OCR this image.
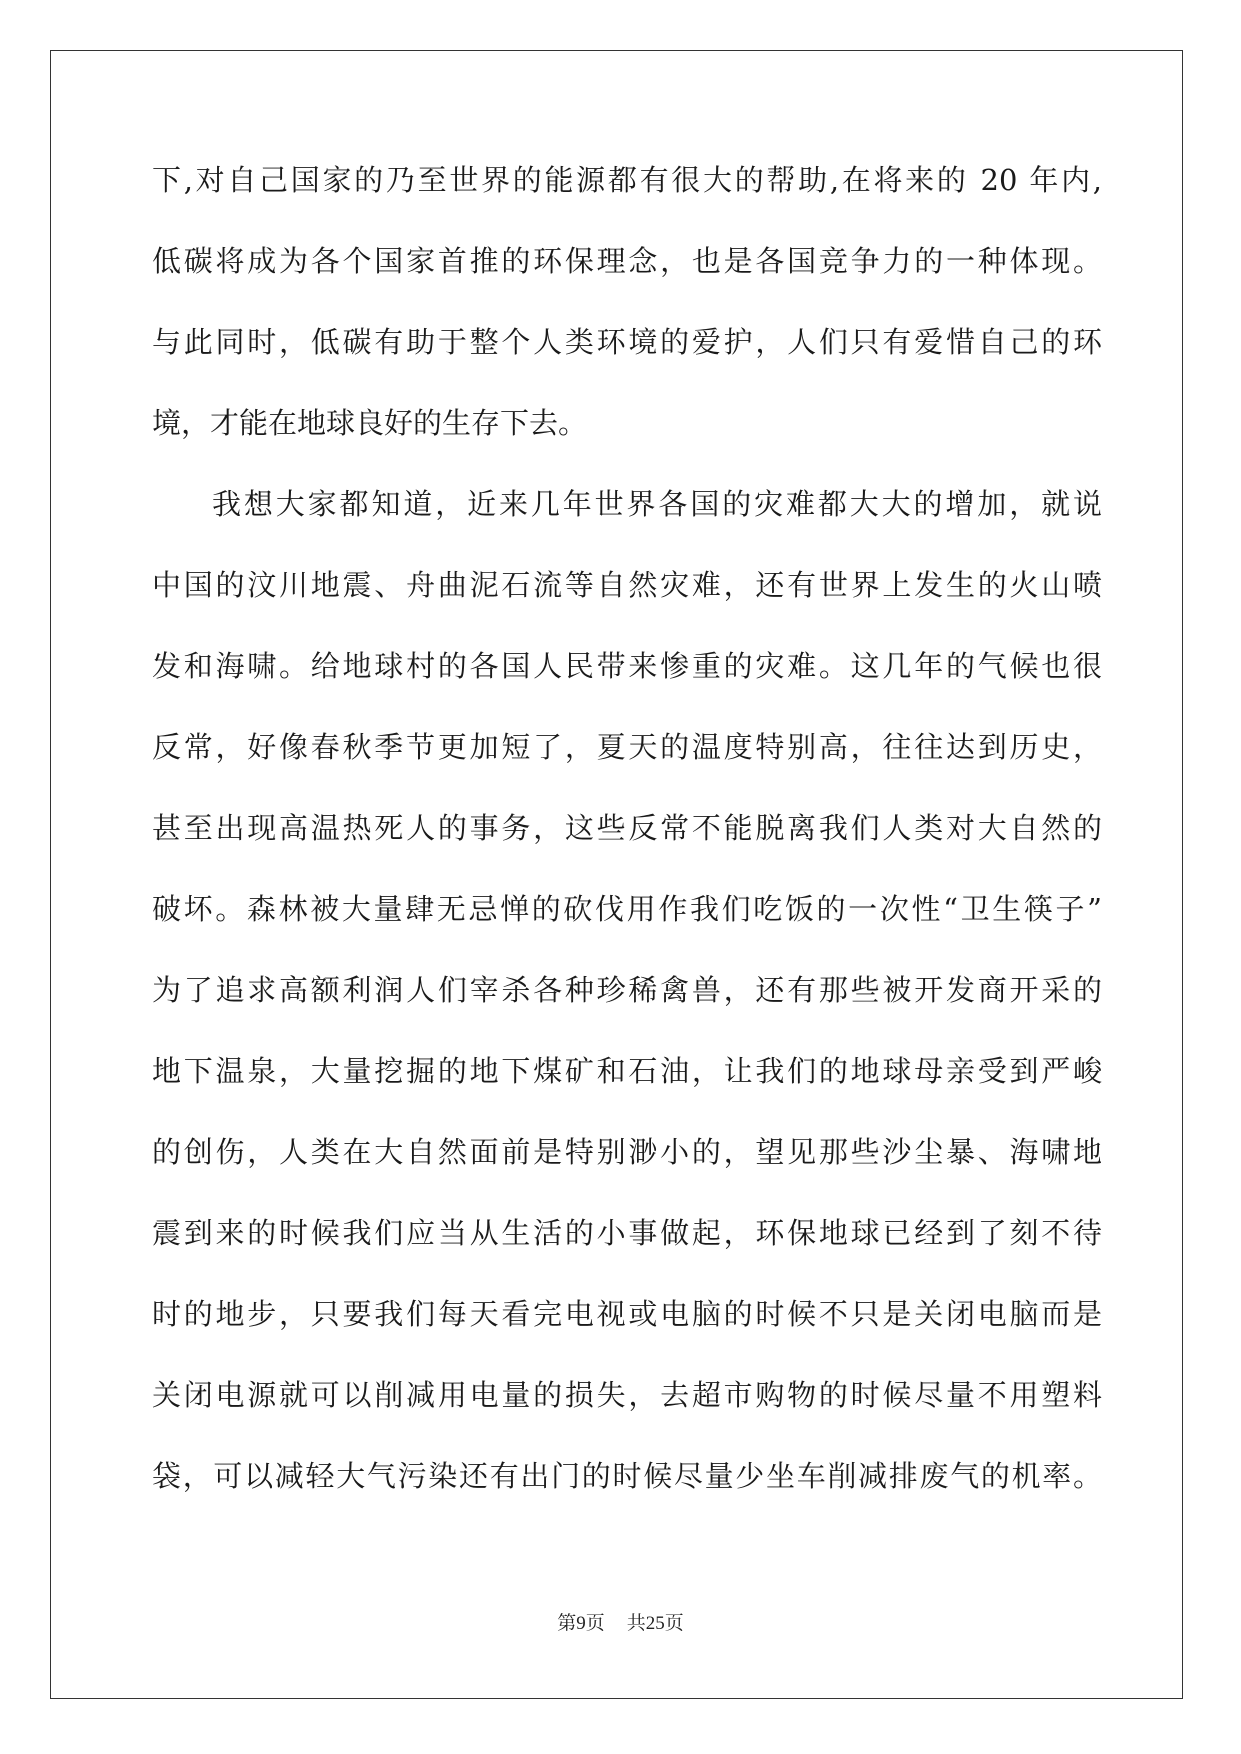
下,对自己国家的乃至世界的能源都有很大的帮助,在将来的 20 年内,
低碳将成为各个国家首推的环保理念，也是各国竞争力的一种体现。
与此同时，低碳有助于整个人类环境的爱护，人们只有爱惜自己的环
境，才能在地球良好的生存下去。
我想大家都知道，近来几年世界各国的灾难都大大的增加，就说
中国的汶川地震、舟曲泥石流等自然灾难，还有世界上发生的火山喷
发和海啸。给地球村的各国人民带来惨重的灾难。这几年的气候也很
反常，好像春秋季节更加短了，夏天的温度特别高，往往达到历史，
甚至出现高温热死人的事务，这些反常不能脱离我们人类对大自然的
破坏。森林被大量肆无忌惮的砍伐用作我们吃饭的一次性“卫生筷子”
为了追求高额利润人们宰杀各种珍稀禽兽，还有那些被开发商开采的
地下温泉，大量挖掘的地下煤矿和石油，让我们的地球母亲受到严峻
的创伤，人类在大自然面前是特别渺小的，望见那些沙尘暴、海啸地
震到来的时候我们应当从生活的小事做起，环保地球已经到了刻不待
时的地步，只要我们每天看完电视或电脑的时候不只是关闭电脑而是
关闭电源就可以削减用电量的损失，去超市购物的时候尽量不用塑料
袋，可以减轻大气污染还有出门的时候尽量少坐车削减排废气的机率。
第9页 共25页
